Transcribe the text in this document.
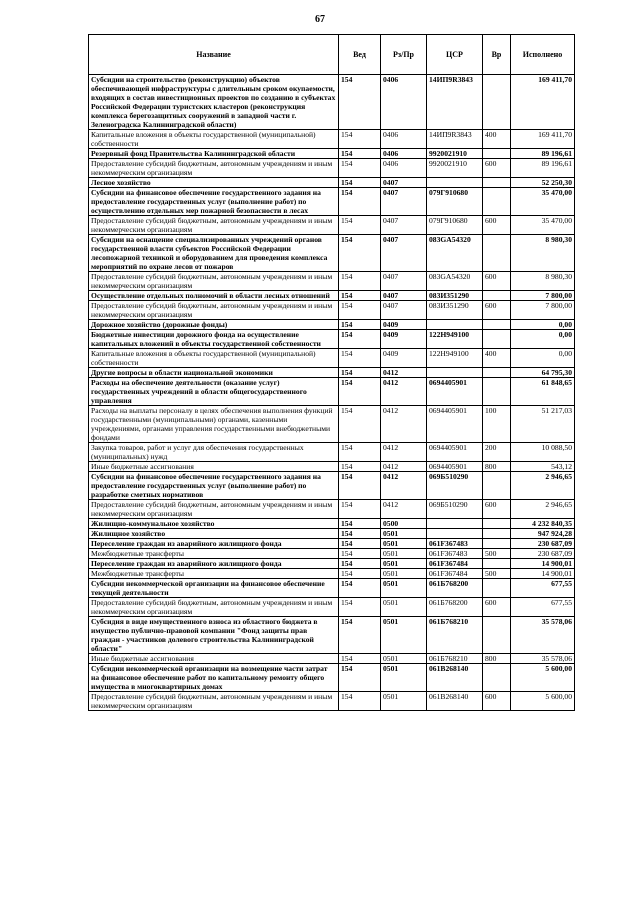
67
Название	Вед	Рз/Пр	ЦСР	Вр	Исполнено
Субсидии на строительство (реконструкцию) объектов обеспечивающей инфраструктуры с длительным сроком окупаемости, входящих в состав инвестиционных проектов по созданию в субъектах Российской Федерации туристских кластеров (реконструкция комплекса берегозащитных сооружений в западной части г. Зеленоградска Калининградской области)	154	0406	14ИП9R3843		169 411,70
Капитальные вложения в объекты государственной (муниципальной) собственности	154	0406	14ИП9R3843	400	169 411,70
Резервный фонд Правительства Калининградской области	154	0406	9920021910		89 196,61
Предоставление субсидий бюджетным, автономным учреждениям и иным некоммерческим организациям	154	0406	9920021910	600	89 196,61
Лесное хозяйство	154	0407			52 250,30
Субсидии на финансовое обеспечение государственного задания на предоставление государственных услуг (выполнение работ) по осуществлению отдельных мер пожарной безопасности в лесах	154	0407	079Г910680		35 470,00
Предоставление субсидий бюджетным, автономным учреждениям и иным некоммерческим организациям	154	0407	079Г910680	600	35 470,00
Субсидии на оснащение специализированных учреждений органов государственной власти субъектов Российской Федерации лесопожарной техникой и оборудованием для проведения комплекса мероприятий по охране лесов от пожаров	154	0407	083GA54320		8 980,30
Предоставление субсидий бюджетным, автономным учреждениям и иным некоммерческим организациям	154	0407	083GA54320	600	8 980,30
Осуществление отдельных полномочий в области лесных отношений	154	0407	083И351290		7 800,00
Предоставление субсидий бюджетным, автономным учреждениям и иным некоммерческим организациям	154	0407	083И351290	600	7 800,00
Дорожное хозяйство (дорожные фонды)	154	0409			0,00
Бюджетные инвестиции дорожного фонда на осуществление капитальных вложений в объекты государственной собственности	154	0409	122Н949100		0,00
Капитальные вложения в объекты государственной (муниципальной) собственности	154	0409	122Н949100	400	0,00
Другие вопросы в области национальной экономики	154	0412			64 795,30
Расходы на обеспечение деятельности (оказание услуг) государственных учреждений в области общегосударственного управления	154	0412	0694405901		61 848,65
Расходы на выплаты персоналу в целях обеспечения выполнения функций государственными (муниципальными) органами, казенными учреждениями, органами управления государственными внебюджетными фондами	154	0412	0694405901	100	51 217,03
Закупка товаров, работ и услуг для обеспечения государственных (муниципальных) нужд	154	0412	0694405901	200	10 088,50
Иные бюджетные ассигнования	154	0412	0694405901	800	543,12
Субсидии на финансовое обеспечение государственного задания на предоставление государственных услуг (выполнение работ) по разработке сметных нормативов	154	0412	069Б510290		2 946,65
Предоставление субсидий бюджетным, автономным учреждениям и иным некоммерческим организациям	154	0412	069Б510290	600	2 946,65
Жилищно-коммунальное хозяйство	154	0500			4 232 840,35
Жилищное хозяйство	154	0501			947 924,28
Переселение граждан из аварийного жилищного фонда	154	0501	061F367483		230 687,09
Межбюджетные трансферты	154	0501	061F367483	500	230 687,09
Переселение граждан из аварийного жилищного фонда	154	0501	061F367484		14 900,01
Межбюджетные трансферты	154	0501	061F367484	500	14 900,01
Субсидии некоммерческой организации на финансовое обеспечение текущей деятельности	154	0501	061Б768200		677,55
Предоставление субсидий бюджетным, автономным учреждениям и иным некоммерческим организациям	154	0501	061Б768200	600	677,55
Субсидия в виде имущественного взноса из областного бюджета в имущество публично-правовой компании "Фонд защиты прав граждан - участников долевого строительства Калининградской области"	154	0501	061Б768210		35 578,06
Иные бюджетные ассигнования	154	0501	061Б768210	800	35 578,06
Субсидии некоммерческой организации на возмещение части затрат на финансовое обеспечение работ по капитальному ремонту общего имущества в многоквартирных домах	154	0501	061В268140		5 600,00
Предоставление субсидий бюджетным, автономным учреждениям и иным некоммерческим организациям	154	0501	061В268140	600	5 600,00
